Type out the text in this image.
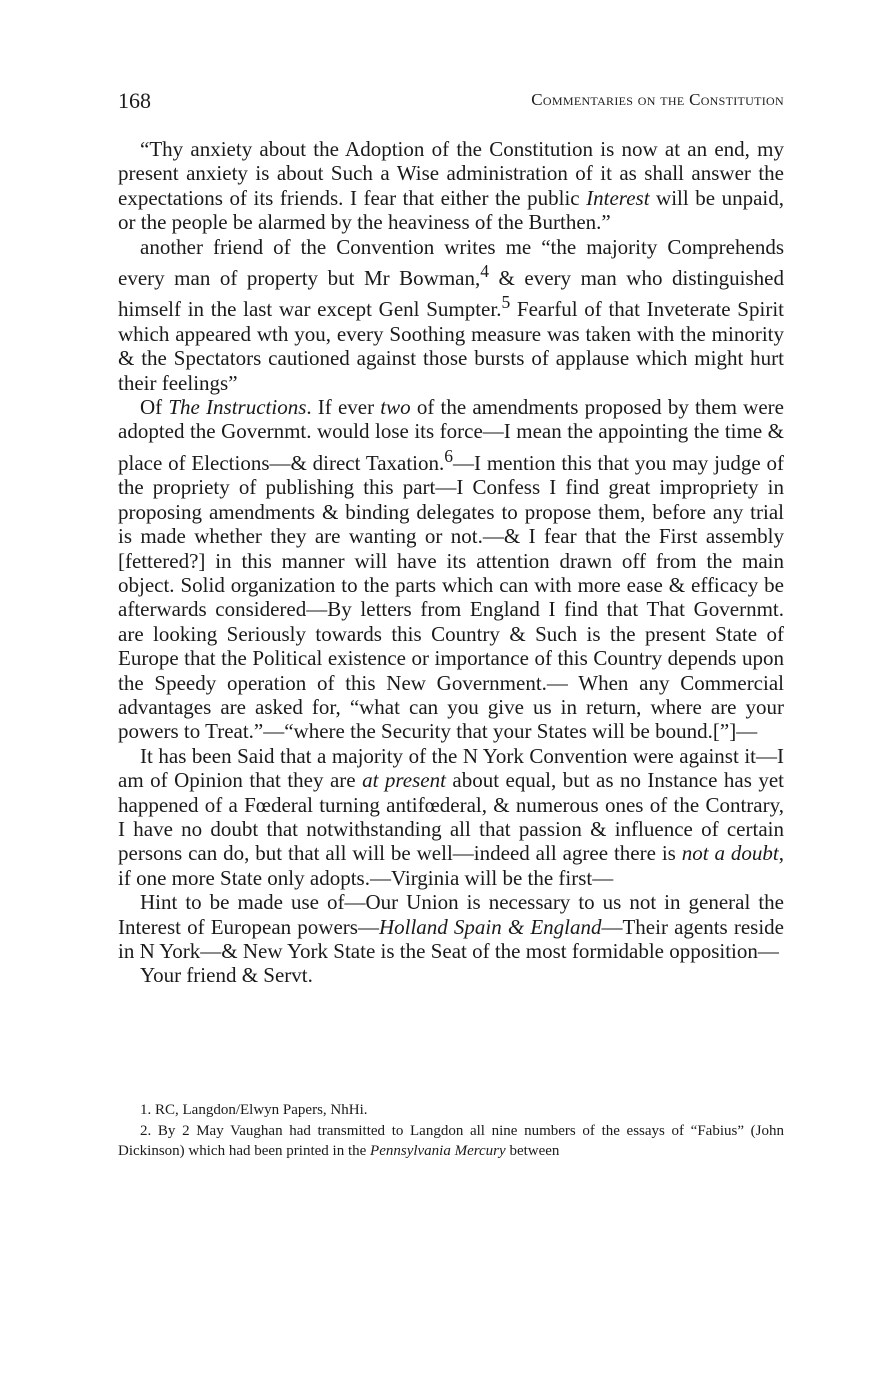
168	Commentaries on the Constitution

“Thy anxiety about the Adoption of the Constitution is now at an end, my present anxiety is about Such a Wise administration of it as shall answer the expectations of its friends. I fear that either the public Interest will be unpaid, or the people be alarmed by the heaviness of the Burthen.”

another friend of the Convention writes me “the majority Comprehends every man of property but Mr Bowman,$^4$ & every man who distinguished himself in the last war except Genl Sumpter.$^5$ Fearful of that Inveterate Spirit which appeared wth you, every Soothing measure was taken with the minority & the Spectators cautioned against those bursts of applause which might hurt their feelings”

Of The Instructions. If ever two of the amendments proposed by them were adopted the Governmt. would lose its force—I mean the appointing the time & place of Elections—& direct Taxation.$^6$—I mention this that you may judge of the propriety of publishing this part—I Confess I find great impropriety in proposing amendments & binding delegates to propose them, before any trial is made whether they are wanting or not.—& I fear that the First assembly [fettered?] in this manner will have its attention drawn off from the main object. Solid organization to the parts which can with more ease & efficacy be afterwards considered—By letters from England I find that That Governmt. are looking Seriously towards this Country & Such is the present State of Europe that the Political existence or importance of this Country depends upon the Speedy operation of this New Government.— When any Commercial advantages are asked for, “what can you give us in return, where are your powers to Treat.”—“where the Security that your States will be bound.[”]—

It has been Said that a majority of the N York Convention were against it—I am of Opinion that they are at present about equal, but as no Instance has yet happened of a Fœderal turning antifœderal, & numerous ones of the Contrary, I have no doubt that notwithstanding all that passion & influence of certain persons can do, but that all will be well—indeed all agree there is not a doubt, if one more State only adopts.—Virginia will be the first—

Hint to be made use of—Our Union is necessary to us not in general the Interest of European powers—Holland Spain & England—Their agents reside in N York—& New York State is the Seat of the most formidable opposition—

Your friend & Servt.

1. RC, Langdon/Elwyn Papers, NhHi.

2. By 2 May Vaughan had transmitted to Langdon all nine numbers of the essays of “Fabius” (John Dickinson) which had been printed in the Pennsylvania Mercury between
